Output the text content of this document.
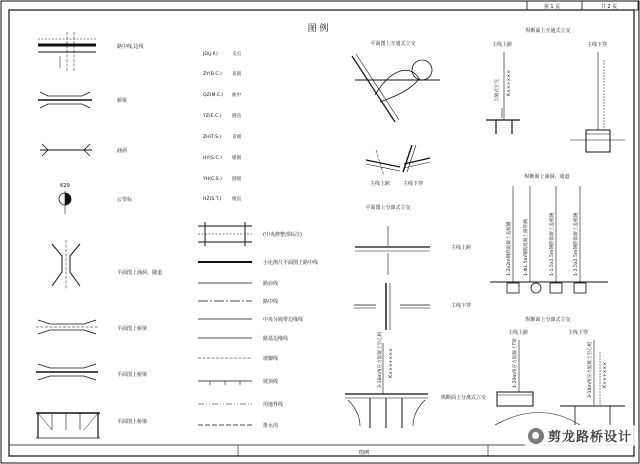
第 1 页	共 2 页
图例
图 例
路中线,边线
桥梁
涵洞
K29
公里标
平面图上涵洞、隧道
平面图上桥梁
平面图上桥梁
平面图上桥梁
JD(J.P.)	交点
ZY(B.C.) 直圆
QZ(M.C.) 曲中
YZ(E.C.) 圆直
ZH(T.S.) 直缓
HY(S.C.) 缓圆
YH(C.S.) 圆缓
HZ(S.T.) 缓直
(中央修整部标注)
小比例尺平面图上路中线
路肩线
路中线
中央分隔带边缘线
路基边缘线
坡脚线
坡顶线
用地界线
排水沟
平面图上互通式立交
主线上跨	主线下穿
平面图上分离式立交
主线上跨
主线下穿
3-16m预应力混凝土空心板 K×××+×××
纵断面上分离式立交
纵断面上互通式立交
主线上跨	主线下穿
互通式立交 K××+×××
纵断面上涵洞、通道
1-2x2m钢筋混凝土盖板涵	1-Φ1.5m钢筋混凝土圆管涵	1-1.5x1.5m钢筋混凝土盖板涵	1-2.5x2.5m钢筋混凝土盖板涵
纵断面上分离式立交
主线上跨	主线下穿
4-20m预应力混凝土T梁	3-16m预应力混凝土空心板 K××+×××
剪龙路桥设计
